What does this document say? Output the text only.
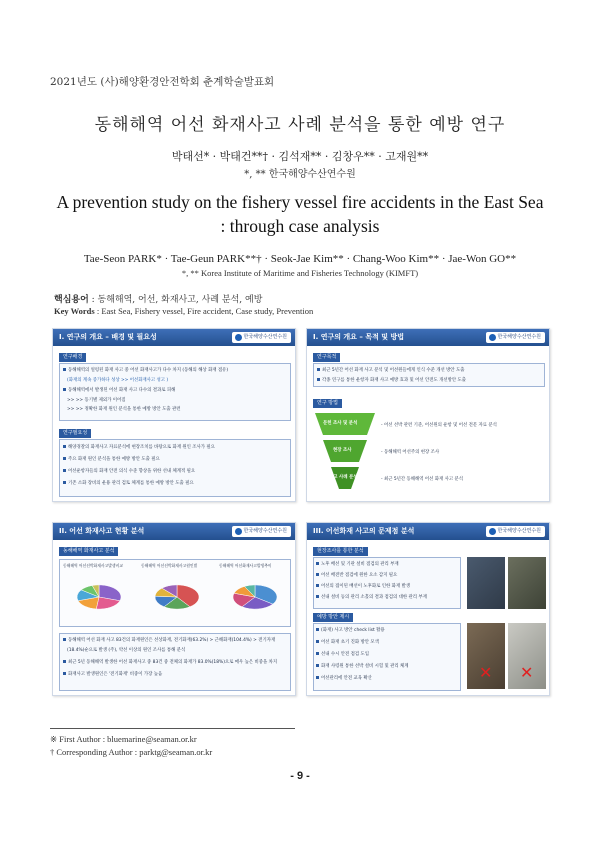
2021년도 (사)해양환경안전학회 춘계학술발표회
동해해역 어선 화재사고 사례 분석을 통한 예방 연구
박태선* · 박태건**† · 김석재** · 김창우** · 고재원**
*, ** 한국해양수산연수원
A prevention study on the fishery vessel fire accidents in the East Sea
: through case analysis
Tae-Seon PARK* · Tae-Geun PARK**† · Seok-Jae Kim** · Chang-Woo Kim** · Jae-Won GO**
*, ** Korea Institute of Maritime and Fisheries Technology (KIMFT)
핵심용어 : 동해해역, 어선, 화재사고, 사례 분석, 예방
Key Words : East Sea, Fishery vessel, Fire accident, Case study, Prevention
I. 연구의 개요 – 배경 및 필요성	한국해양수산연수원
연구배경
동해해역의 얼렁된 화재 사고 중 어선 화재사고가 다수 차지 (동해의 해상 화재 점유)
(화재의 계속 증가하다 성상 >> 어선화재사고 성고 )
동해해역에서 발생된 어선 화재 사고 다수의 결과로 피해
>> >> 동기별 제외가 이어짐
>> >> 정확한 화재 원인 분석을 통한 예방 방안 도출 관련
연구필요성
해양경찰의 화재사고 자료분석에 현장조치를 바탕으로 화재 원인 조사가 필요
주요 화재 원인 분석을 통한 예방 방안 도출 필요
어선운항자들의 화재 안전 의식 수준 향상을 위한 선내 체계적 필요
기존 소화 장비의 운용 관리 검토 체계를 통한 예방 방안 도출 필요
I. 연구의 개요 – 목적 및 방법	한국해양수산연수원
연구목적
최근 5년간 어선 화재 사고 분석 및 어선원들에게 인식 수준 개선 방안 도출
각종 연구를 통한 운항자 화재 사고 예방 효과 및 어선 안전도 개선방안 도출
연구 방법
문헌 조사 및 분석
현장 조사
사고 사례 분석
- 어선 선박 관련 기준, 어선원의 운항 및 어선 전문 자료 분석
- 동해해역 어선주의 현장 조사
- 최근 5년간 동해해역 어선 화재 사고 분석
II. 어선 화재사고 현황 분석	한국해양수산연수원
동해해역 화재사고 분석
동해해역 어선선박화재사고발생비교	동해해역 어선선박화재사고원인별	동해해역 어선화재사고발생추이
동해해역 어선 화재 사고 83건의 화재원인은 선상화재, 전기화재(63.2%) > 근해화재(104.4%) > 전기자재
(18.4%)순으로 발생 (주), 약선 이상의 원인 조사를 통해 분석
최근 5년 동해해역 발생한 어선 화재사고 중 83건 중 전체의 화재가 83.0%(18%)으로 매우 높은 비중을 차지
화재사고 발생원인은 '전기화재' 비중이 가장 높음
III. 어선화재 사고의 문제점 분석	한국해양수산연수원
현장조사를 통한 분석
노후 배선 및 기관 설비 점검의 관리 부재
어선 배전반 점검에 원한 요소 감지 필요
어선의 접이된 배선이 노후화로 인한 화재 발생
선내 설비 등의 관리 소홀의 결과 점검의 대한 관리 부재
예방 방안 제시
(화재) 사고 방안 check list 활용
어선 화재 초기 진화 방안 모색
선내 수시 안전 점검 도입
화재 사령원 통한 선박 설비 시험 및 관리 체계
어선관리에 안전 교육 확산	✕ ✕
※ First Author : bluemarine@seaman.or.kr
† Corresponding Author : parktg@seaman.or.kr
- 9 -
